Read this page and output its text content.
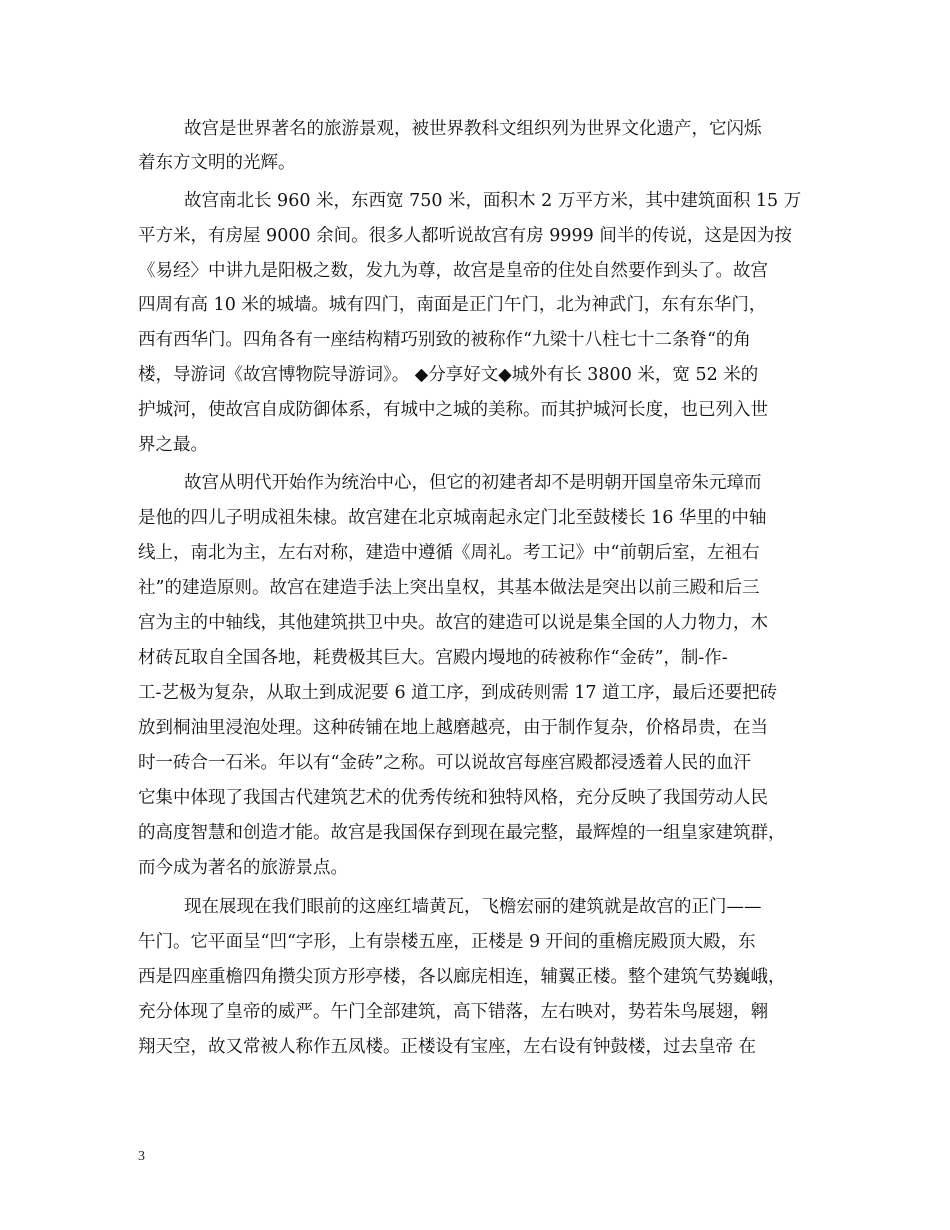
故宫是世界著名的旅游景观，被世界教科文组织列为世界文化遗产，它闪烁
着东方文明的光辉。
故宫南北长 960 米，东西宽 750 米，面积木 2 万平方米，其中建筑面积 15 万
平方米，有房屋 9000 余间。很多人都听说故宫有房 9999 间半的传说，这是因为按
《易经〉中讲九是阳极之数，发九为尊，故宫是皇帝的住处自然要作到头了。故宫
四周有高 10 米的城墙。城有四门，南面是正门午门，北为神武门，东有东华门，
西有西华门。四角各有一座结构精巧别致的被称作“九梁十八柱七十二条脊“的角
楼，导游词《故宫博物院导游词》。 ◆分享好文◆城外有长 3800 米，宽 52 米的
护城河，使故宫自成防御体系，有城中之城的美称。而其护城河长度，也已列入世
界之最。
故宫从明代开始作为统治中心，但它的初建者却不是明朝开国皇帝朱元璋而
是他的四儿子明成祖朱棣。故宫建在北京城南起永定门北至鼓楼长 16 华里的中轴
线上，南北为主，左右对称，建造中遵循《周礼。考工记》中“前朝后室，左祖右
社”的建造原则。故宫在建造手法上突出皇权，其基本做法是突出以前三殿和后三
宫为主的中轴线，其他建筑拱卫中央。故宫的建造可以说是集全国的人力物力，木
材砖瓦取自全国各地，耗费极其巨大。宫殿内墁地的砖被称作“金砖”，制-作-
工-艺极为复杂，从取土到成泥要 6 道工序，到成砖则需 17 道工序，最后还要把砖
放到桐油里浸泡处理。这种砖铺在地上越磨越亮，由于制作复杂，价格昂贵，在当
时一砖合一石米。年以有“金砖”之称。可以说故宫每座宫殿都浸透着人民的血汗
它集中体现了我国古代建筑艺术的优秀传统和独特风格，充分反映了我国劳动人民
的高度智慧和创造才能。故宫是我国保存到现在最完整，最辉煌的一组皇家建筑群，
而今成为著名的旅游景点。
现在展现在我们眼前的这座红墙黄瓦，飞檐宏丽的建筑就是故宫的正门——
午门。它平面呈“凹“字形，上有崇楼五座，正楼是 9 开间的重檐庑殿顶大殿，东
西是四座重檐四角攒尖顶方形亭楼，各以廊庑相连，辅翼正楼。整个建筑气势巍峨，
充分体现了皇帝的威严。午门全部建筑，高下错落，左右映对，势若朱鸟展翅，翱
翔天空，故又常被人称作五凤楼。正楼设有宝座，左右设有钟鼓楼，过去皇帝 在
3
